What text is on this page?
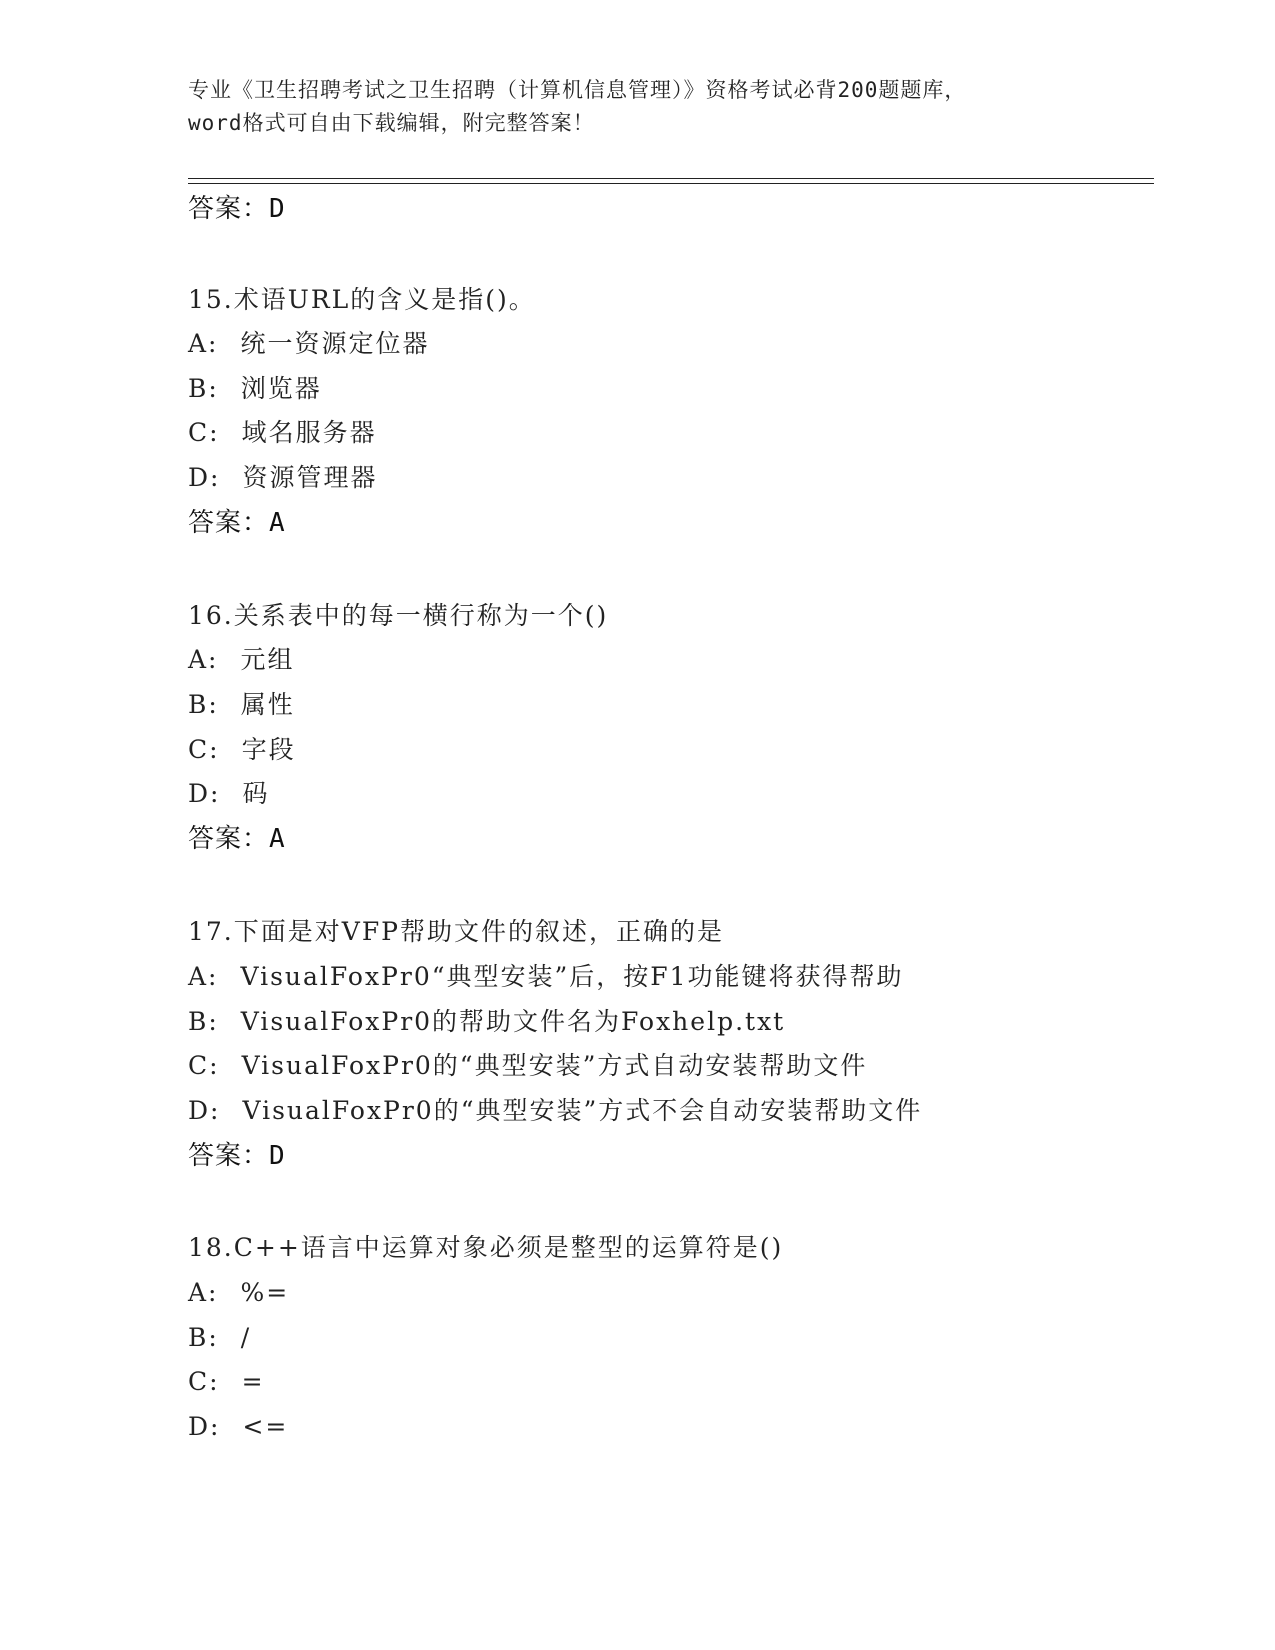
专业《卫生招聘考试之卫生招聘（计算机信息管理）》资格考试必背200题题库，
word格式可自由下载编辑，附完整答案！
答案：D
15.术语URL的含义是指()。
A: 统一资源定位器
B: 浏览器
C: 域名服务器
D: 资源管理器
答案：A
16.关系表中的每一横行称为一个()
A: 元组
B: 属性
C: 字段
D: 码
答案：A
17.下面是对VFP帮助文件的叙述，正确的是
A: VisualFoxPr0“典型安装”后，按F1功能键将获得帮助
B: VisualFoxPr0的帮助文件名为Foxhelp.txt
C: VisualFoxPr0的“典型安装”方式自动安装帮助文件
D: VisualFoxPr0的“典型安装”方式不会自动安装帮助文件
答案：D
18.C++语言中运算对象必须是整型的运算符是()
A: %=
B: /
C: =
D: <=
